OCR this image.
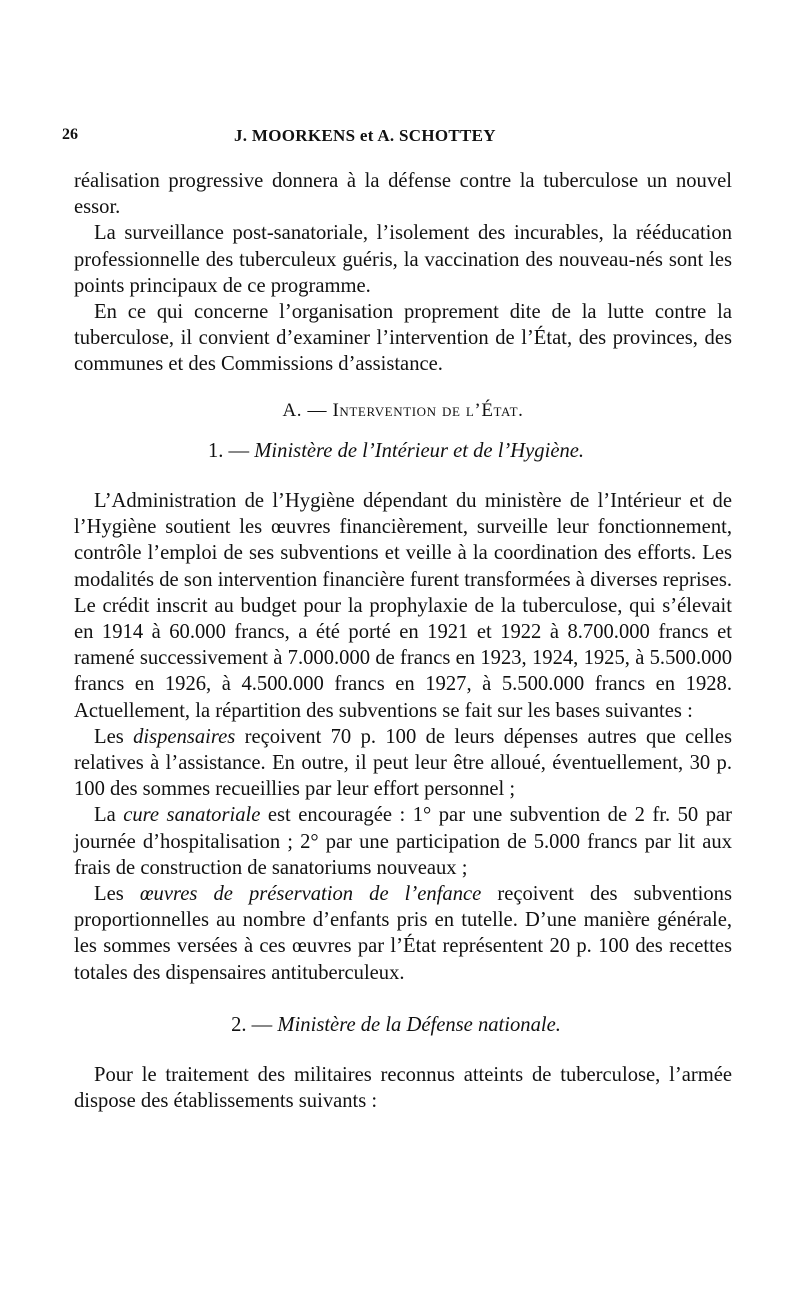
26	J. MOORKENS et A. SCHOTTEY

réalisation progressive donnera à la défense contre la tuberculose un nouvel essor.

La surveillance post-sanatoriale, l’isolement des incurables, la rééducation professionnelle des tuberculeux guéris, la vaccination des nouveau-nés sont les points principaux de ce programme.

En ce qui concerne l’organisation proprement dite de la lutte contre la tuberculose, il convient d’examiner l’intervention de l’État, des provinces, des communes et des Commissions d’assistance.

A. — Intervention de l’État.
1. — Ministère de l’Intérieur et de l’Hygiène.

L’Administration de l’Hygiène dépendant du ministère de l’Intérieur et de l’Hygiène soutient les œuvres financièrement, surveille leur fonctionnement, contrôle l’emploi de ses subventions et veille à la coordination des efforts. Les modalités de son intervention financière furent transformées à diverses reprises. Le crédit inscrit au budget pour la prophylaxie de la tuberculose, qui s’élevait en 1914 à 60.000 francs, a été porté en 1921 et 1922 à 8.700.000 francs et ramené successivement à 7.000.000 de francs en 1923, 1924, 1925, à 5.500.000 francs en 1926, à 4.500.000 francs en 1927, à 5.500.000 francs en 1928. Actuellement, la répartition des subventions se fait sur les bases suivantes :

Les dispensaires reçoivent 70 p. 100 de leurs dépenses autres que celles relatives à l’assistance. En outre, il peut leur être alloué, éventuellement, 30 p. 100 des sommes recueillies par leur effort personnel ;

La cure sanatoriale est encouragée : 1° par une subvention de 2 fr. 50 par journée d’hospitalisation ; 2° par une participation de 5.000 francs par lit aux frais de construction de sanatoriums nouveaux ;

Les œuvres de préservation de l’enfance reçoivent des subventions proportionnelles au nombre d’enfants pris en tutelle. D’une manière générale, les sommes versées à ces œuvres par l’État représentent 20 p. 100 des recettes totales des dispensaires antituberculeux.

2. — Ministère de la Défense nationale.

Pour le traitement des militaires reconnus atteints de tuberculose, l’armée dispose des établissements suivants :
